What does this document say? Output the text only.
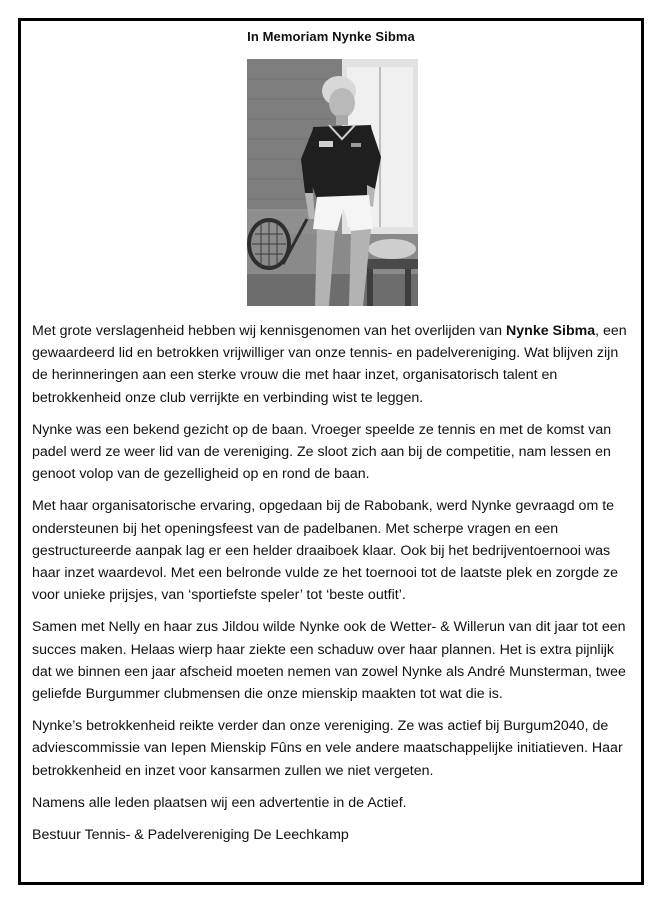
In Memoriam Nynke Sibma

Met grote verslagenheid hebben wij kennisgenomen van het overlijden van Nynke Sibma, een gewaardeerd lid en betrokken vrijwilliger van onze tennis- en padelvereniging. Wat blijven zijn de herinneringen aan een sterke vrouw die met haar inzet, organisatorisch talent en betrokkenheid onze club verrijkte en verbinding wist te leggen.

Nynke was een bekend gezicht op de baan. Vroeger speelde ze tennis en met de komst van padel werd ze weer lid van de vereniging. Ze sloot zich aan bij de competitie, nam lessen en genoot volop van de gezelligheid op en rond de baan.

Met haar organisatorische ervaring, opgedaan bij de Rabobank, werd Nynke gevraagd om te ondersteunen bij het openingsfeest van de padelbanen. Met scherpe vragen en een gestructureerde aanpak lag er een helder draaiboek klaar. Ook bij het bedrijventoernooi was haar inzet waardevol. Met een belronde vulde ze het toernooi tot de laatste plek en zorgde ze voor unieke prijsjes, van ‘sportiefste speler’ tot ‘beste outfit’.

Samen met Nelly en haar zus Jildou wilde Nynke ook de Wetter- & Willerun van dit jaar tot een succes maken. Helaas wierp haar ziekte een schaduw over haar plannen. Het is extra pijnlijk dat we binnen een jaar afscheid moeten nemen van zowel Nynke als André Munsterman, twee geliefde Burgummer clubmensen die onze mienskip maakten tot wat die is.

Nynke’s betrokkenheid reikte verder dan onze vereniging. Ze was actief bij Burgum2040, de adviescommissie van Iepen Mienskip Fûns en vele andere maatschappelijke initiatieven. Haar betrokkenheid en inzet voor kansarmen zullen we niet vergeten.

Namens alle leden plaatsen wij een advertentie in de Actief.

Bestuur Tennis- & Padelvereniging De Leechkamp
